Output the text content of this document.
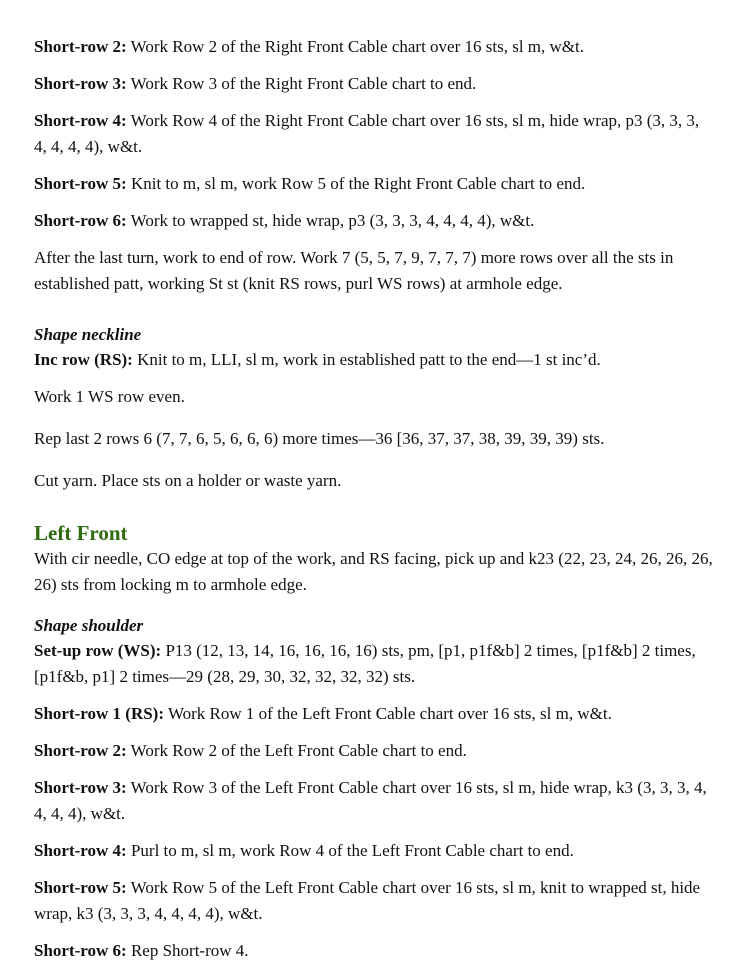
Short-row 2: Work Row 2 of the Right Front Cable chart over 16 sts, sl m, w&t.

Short-row 3: Work Row 3 of the Right Front Cable chart to end.

Short-row 4: Work Row 4 of the Right Front Cable chart over 16 sts, sl m, hide wrap, p3 (3, 3, 3, 4, 4, 4, 4), w&t.

Short-row 5: Knit to m, sl m, work Row 5 of the Right Front Cable chart to end.

Short-row 6: Work to wrapped st, hide wrap, p3 (3, 3, 3, 4, 4, 4, 4), w&t.

After the last turn, work to end of row. Work 7 (5, 5, 7, 9, 7, 7, 7) more rows over all the sts in established patt, working St st (knit RS rows, purl WS rows) at armhole edge.

Shape neckline

Inc row (RS): Knit to m, LLI, sl m, work in established patt to the end—1 st inc’d.

Work 1 WS row even.

Rep last 2 rows 6 (7, 7, 6, 5, 6, 6, 6) more times—36 [36, 37, 37, 38, 39, 39, 39) sts.

Cut yarn. Place sts on a holder or waste yarn.

Left Front

With cir needle, CO edge at top of the work, and RS facing, pick up and k23 (22, 23, 24, 26, 26, 26, 26) sts from locking m to armhole edge.

Shape shoulder

Set-up row (WS): P13 (12, 13, 14, 16, 16, 16, 16) sts, pm, [p1, p1f&b] 2 times, [p1f&b] 2 times, [p1f&b, p1] 2 times—29 (28, 29, 30, 32, 32, 32, 32) sts.

Short-row 1 (RS): Work Row 1 of the Left Front Cable chart over 16 sts, sl m, w&t.

Short-row 2: Work Row 2 of the Left Front Cable chart to end.

Short-row 3: Work Row 3 of the Left Front Cable chart over 16 sts, sl m, hide wrap, k3 (3, 3, 3, 4, 4, 4, 4), w&t.

Short-row 4: Purl to m, sl m, work Row 4 of the Left Front Cable chart to end.

Short-row 5: Work Row 5 of the Left Front Cable chart over 16 sts, sl m, knit to wrapped st, hide wrap, k3 (3, 3, 3, 4, 4, 4, 4), w&t.

Short-row 6: Rep Short-row 4.
